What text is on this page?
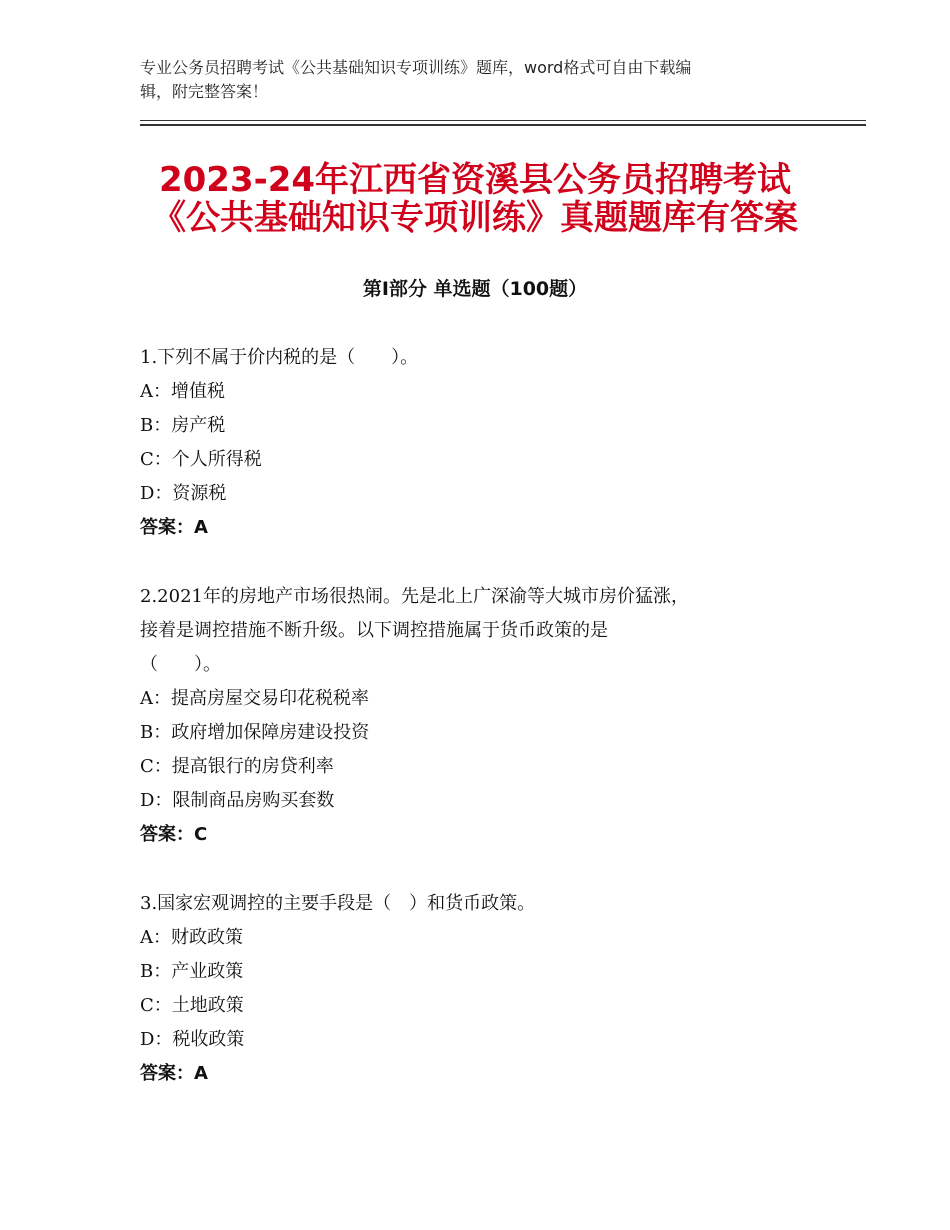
专业公务员招聘考试《公共基础知识专项训练》题库，word格式可自由下载编
辑，附完整答案！
2023-24年江西省资溪县公务员招聘考试
《公共基础知识专项训练》真题题库有答案
第Ⅰ部分 单选题（100题）
1.下列不属于价内税的是（　　）。
A：增值税
B：房产税
C：个人所得税
D：资源税
答案：A
2.2021年的房地产市场很热闹。先是北上广深渝等大城市房价猛涨，
接着是调控措施不断升级。以下调控措施属于货币政策的是
（　　）。
A：提高房屋交易印花税税率
B：政府增加保障房建设投资
C：提高银行的房贷利率
D：限制商品房购买套数
答案：C
3.国家宏观调控的主要手段是（　）和货币政策。
A：财政政策
B：产业政策
C：土地政策
D：税收政策
答案：A
